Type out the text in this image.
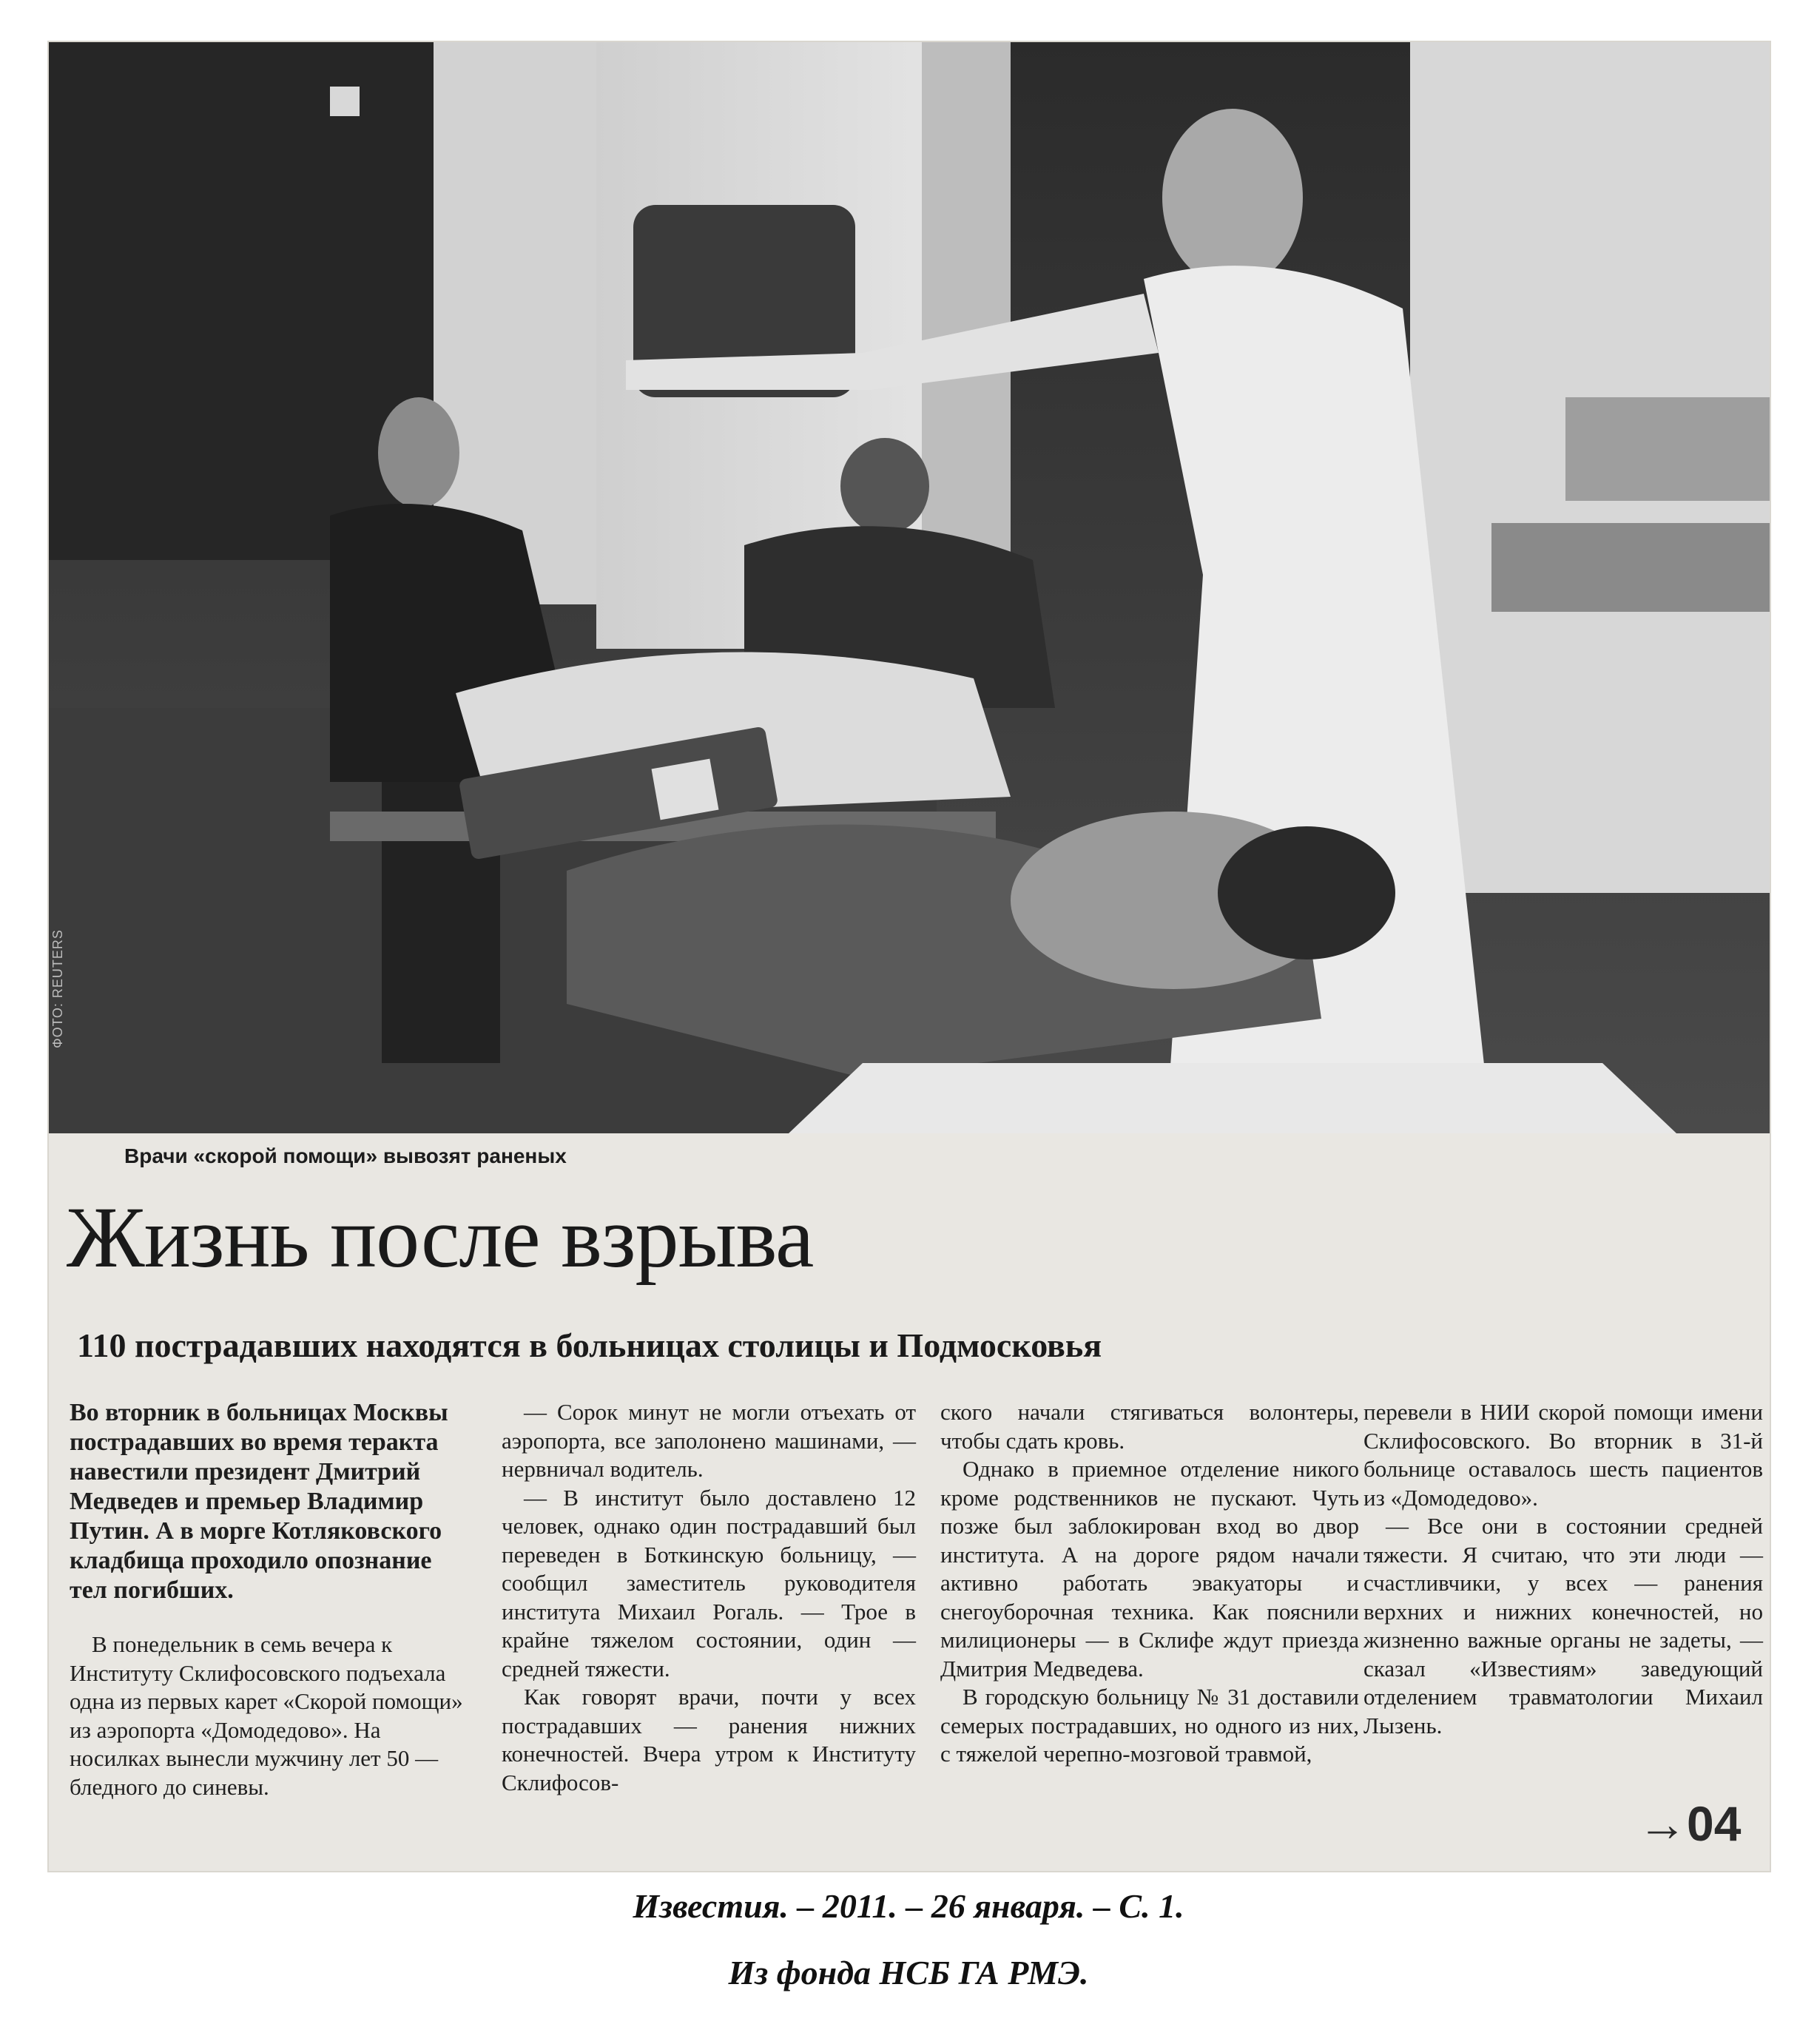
ФОТО: REUTERS
Врачи «скорой помощи» вывозят раненых
Жизнь после взрыва
110 пострадавших находятся в больницах столицы и Подмосковья

Во вторник в больницах Москвы пострадавших во время теракта навестили президент Дмитрий Медведев и премьер Владимир Путин. А в морге Котляковского кладбища проходило опознание тел погибших.

В понедельник в семь вечера к Институту Склифосовского подъехала одна из первых карет «Скорой помощи» из аэропорта «Домодедово». На носилках вынесли мужчину лет 50 — бледного до синевы.

— Сорок минут не могли отъехать от аэропорта, все заполонено машинами, — нервничал водитель.

— В институт было доставлено 12 человек, однако один пострадавший был переведен в Боткинскую больницу, — сообщил заместитель руководителя института Михаил Рогаль. — Трое в крайне тяжелом состоянии, один — средней тяжести.

Как говорят врачи, почти у всех пострадавших — ранения нижних конечностей. Вчера утром к Институту Склифосов-

ского начали стягиваться волонтеры, чтобы сдать кровь.

Однако в приемное отделение никого кроме родственников не пускают. Чуть позже был заблокирован вход во двор института. А на дороге рядом начали активно работать эвакуаторы и снегоуборочная техника. Как пояснили милиционеры — в Склифе ждут приезда Дмитрия Медведева.

В городскую больницу № 31 доставили семерых пострадавших, но одного из них, с тяжелой черепно-мозговой травмой,

перевели в НИИ скорой помощи имени Склифосовского. Во вторник в 31-й больнице оставалось шесть пациентов из «Домодедово».

— Все они в состоянии средней тяжести. Я считаю, что эти люди — счастливчики, у всех — ранения верхних и нижних конечностей, но жизненно важные органы не задеты, — сказал «Известиям» заведующий отделением травматологии Михаил Лызень.

→04
Известия. – 2011. – 26 января. – С. 1.
Из фонда НСБ ГА РМЭ.
